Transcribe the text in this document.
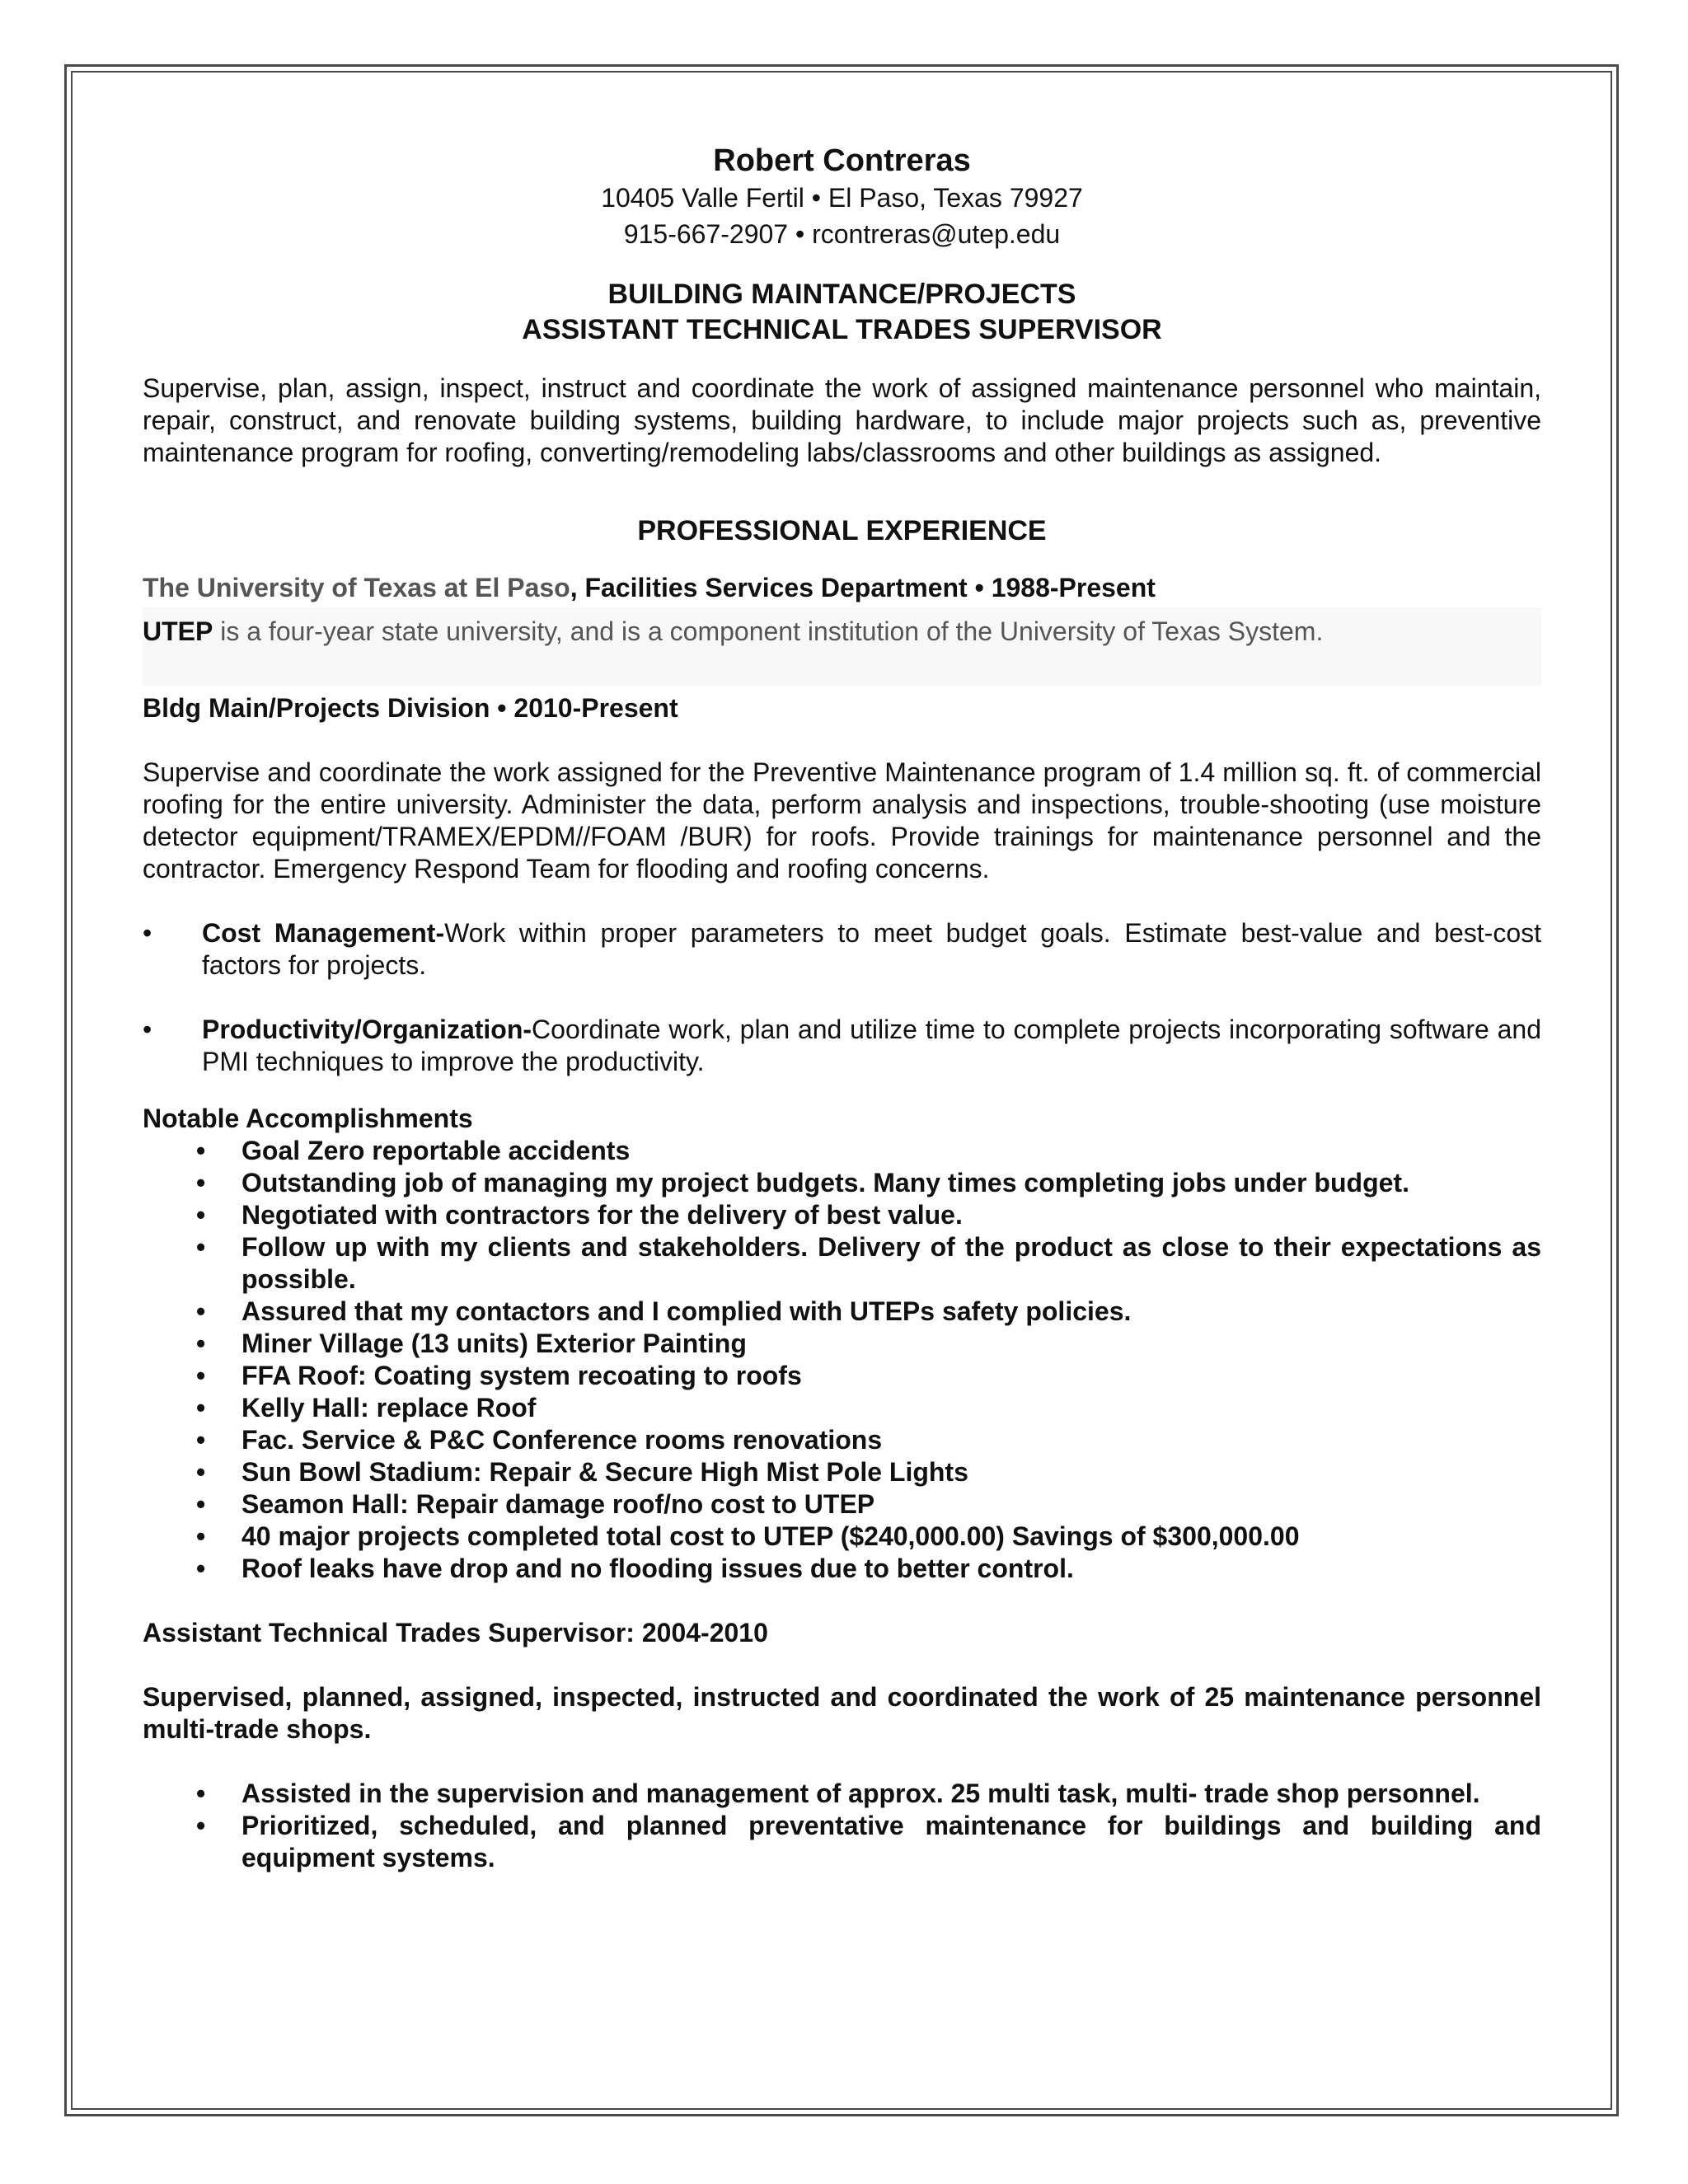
Robert Contreras
10405 Valle Fertil • El Paso, Texas 79927
915-667-2907 • rcontreras@utep.edu
BUILDING MAINTANCE/PROJECTS
ASSISTANT TECHNICAL TRADES SUPERVISOR
Supervise, plan, assign, inspect, instruct and coordinate the work of assigned maintenance personnel who maintain, repair, construct, and renovate building systems, building hardware, to include major projects such as, preventive maintenance program for roofing, converting/remodeling labs/classrooms and other buildings as assigned.
PROFESSIONAL EXPERIENCE
The University of Texas at El Paso, Facilities Services Department • 1988-Present
UTEP is a four-year state university, and is a component institution of the University of Texas System.
Bldg Main/Projects Division • 2010-Present
Supervise and coordinate the work assigned for the Preventive Maintenance program of 1.4 million sq. ft. of commercial roofing for the entire university. Administer the data, perform analysis and inspections, trouble-shooting (use moisture detector equipment/TRAMEX/EPDM//FOAM /BUR) for roofs. Provide trainings for maintenance personnel and the contractor. Emergency Respond Team for flooding and roofing concerns.
• Cost Management-Work within proper parameters to meet budget goals. Estimate best-value and best-cost factors for projects.
• Productivity/Organization-Coordinate work, plan and utilize time to complete projects incorporating software and PMI techniques to improve the productivity.
Notable Accomplishments
• Goal Zero reportable accidents
• Outstanding job of managing my project budgets. Many times completing jobs under budget.
• Negotiated with contractors for the delivery of best value.
• Follow up with my clients and stakeholders. Delivery of the product as close to their expectations as possible.
• Assured that my contactors and I complied with UTEPs safety policies.
• Miner Village (13 units) Exterior Painting
• FFA Roof: Coating system recoating to roofs
• Kelly Hall: replace Roof
• Fac. Service & P&C Conference rooms renovations
• Sun Bowl Stadium: Repair & Secure High Mist Pole Lights
• Seamon Hall: Repair damage roof/no cost to UTEP
• 40 major projects completed total cost to UTEP ($240,000.00) Savings of $300,000.00
• Roof leaks have drop and no flooding issues due to better control.
Assistant Technical Trades Supervisor: 2004-2010
Supervised, planned, assigned, inspected, instructed and coordinated the work of 25 maintenance personnel multi-trade shops.
• Assisted in the supervision and management of approx. 25 multi task, multi- trade shop personnel.
• Prioritized, scheduled, and planned preventative maintenance for buildings and building and equipment systems.
